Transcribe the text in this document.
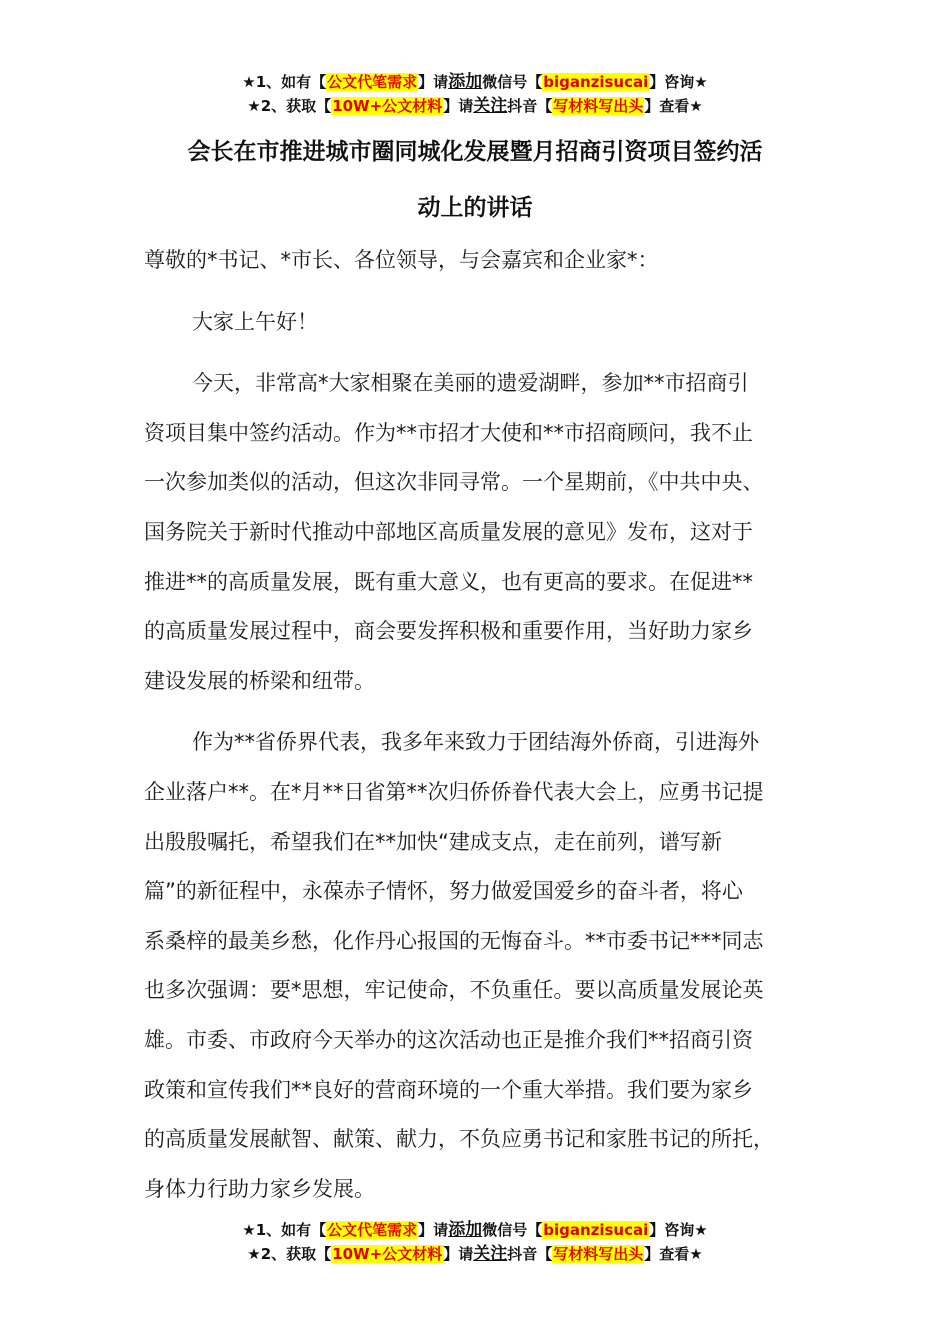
★1、如有【公文代笔需求】请添加微信号【biganzisucai】咨询★
★2、获取【10W+公文材料】请关注抖音【写材料写出头】查看★
会长在市推进城市圈同城化发展暨月招商引资项目签约活
动上的讲话

尊敬的*书记、*市长、各位领导，与会嘉宾和企业家*：

大家上午好！

今天，非常高*大家相聚在美丽的遗爱湖畔，参加**市招商引
资项目集中签约活动。作为**市招才大使和**市招商顾问，我不止
一次参加类似的活动，但这次非同寻常。一个星期前，《中共中央、
国务院关于新时代推动中部地区高质量发展的意见》发布，这对于
推进**的高质量发展，既有重大意义，也有更高的要求。在促进**
的高质量发展过程中，商会要发挥积极和重要作用，当好助力家乡
建设发展的桥梁和纽带。

作为**省侨界代表，我多年来致力于团结海外侨商，引进海外
企业落户**。在*月**日省第**次归侨侨眷代表大会上，应勇书记提
出殷殷嘱托，希望我们在**加快“建成支点，走在前列，谱写新
篇”的新征程中，永葆赤子情怀，努力做爱国爱乡的奋斗者，将心
系桑梓的最美乡愁，化作丹心报国的无悔奋斗。**市委书记***同志
也多次强调：要*思想，牢记使命，不负重任。要以高质量发展论英
雄。市委、市政府今天举办的这次活动也正是推介我们**招商引资
政策和宣传我们**良好的营商环境的一个重大举措。我们要为家乡
的高质量发展献智、献策、献力，不负应勇书记和家胜书记的所托，
身体力行助力家乡发展。

★1、如有【公文代笔需求】请添加微信号【biganzisucai】咨询★
★2、获取【10W+公文材料】请关注抖音【写材料写出头】查看★
